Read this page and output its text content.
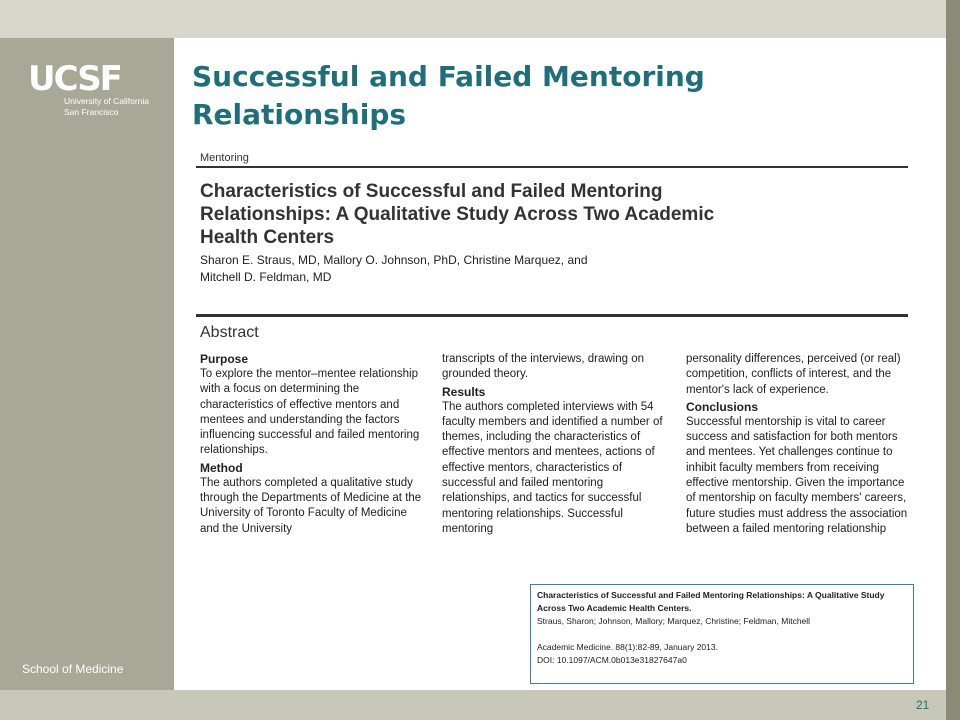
UCSF
University of California
San Francisco
School of Medicine
Successful and Failed Mentoring Relationships
Mentoring
Characteristics of Successful and Failed Mentoring Relationships: A Qualitative Study Across Two Academic Health Centers
Sharon E. Straus, MD, Mallory O. Johnson, PhD, Christine Marquez, and Mitchell D. Feldman, MD
Abstract
Purpose

To explore the mentor–mentee relationship with a focus on determining the characteristics of effective mentors and mentees and understanding the factors influencing successful and failed mentoring relationships.

Method

The authors completed a qualitative study through the Departments of Medicine at the University of Toronto Faculty of Medicine and the University

transcripts of the interviews, drawing on grounded theory.

Results

The authors completed interviews with 54 faculty members and identified a number of themes, including the characteristics of effective mentors and mentees, actions of effective mentors, characteristics of successful and failed mentoring relationships, and tactics for successful mentoring relationships. Successful mentoring

personality differences, perceived (or real) competition, conflicts of interest, and the mentor's lack of experience.

Conclusions

Successful mentorship is vital to career success and satisfaction for both mentors and mentees. Yet challenges continue to inhibit faculty members from receiving effective mentorship. Given the importance of mentorship on faculty members' careers, future studies must address the association between a failed mentoring relationship

Characteristics of Successful and Failed Mentoring Relationships: A Qualitative Study Across Two Academic Health Centers.
Straus, Sharon; Johnson, Mallory; Marquez, Christine; Feldman, Mitchell
Academic Medicine. 88(1):82-89, January 2013.
DOI: 10.1097/ACM.0b013e31827647a0
21
